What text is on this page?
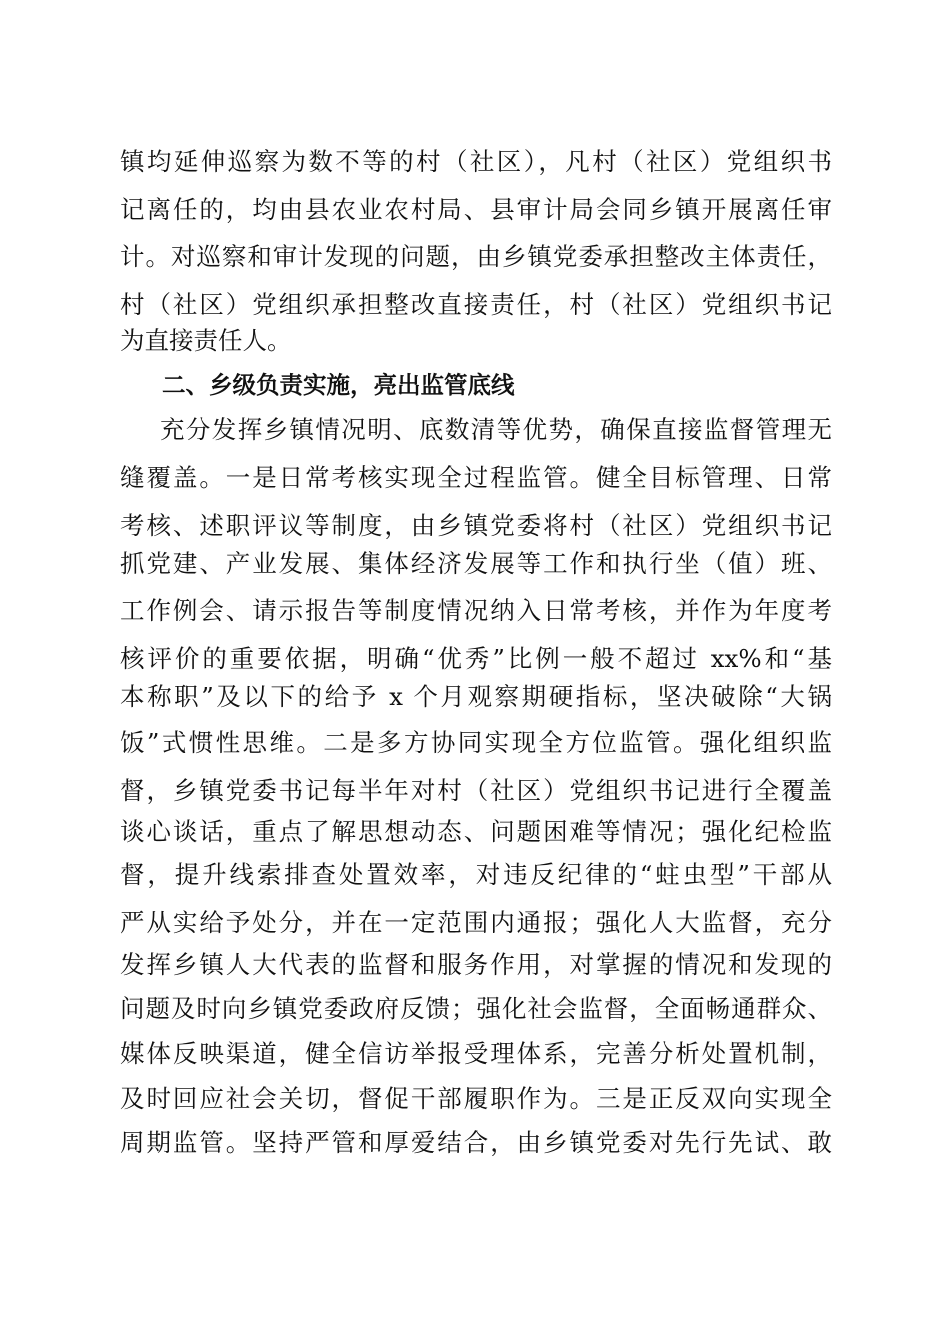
镇均延伸巡察为数不等的村（社区），凡村（社区）党组织书
记离任的，均由县农业农村局、县审计局会同乡镇开展离任审
计。对巡察和审计发现的问题，由乡镇党委承担整改主体责任，
村（社区）党组织承担整改直接责任，村（社区）党组织书记
为直接责任人。
二、乡级负责实施，亮出监管底线
充分发挥乡镇情况明、底数清等优势，确保直接监督管理无
缝覆盖。一是日常考核实现全过程监管。健全目标管理、日常
考核、述职评议等制度，由乡镇党委将村（社区）党组织书记
抓党建、产业发展、集体经济发展等工作和执行坐（值）班、
工作例会、请示报告等制度情况纳入日常考核，并作为年度考
核评价的重要依据，明确“优秀”比例一般不超过 xx%和“基
本称职”及以下的给予 x 个月观察期硬指标，坚决破除“大锅
饭”式惯性思维。二是多方协同实现全方位监管。强化组织监
督，乡镇党委书记每半年对村（社区）党组织书记进行全覆盖
谈心谈话，重点了解思想动态、问题困难等情况；强化纪检监
督，提升线索排查处置效率，对违反纪律的“蛀虫型”干部从
严从实给予处分，并在一定范围内通报；强化人大监督，充分
发挥乡镇人大代表的监督和服务作用，对掌握的情况和发现的
问题及时向乡镇党委政府反馈；强化社会监督，全面畅通群众、
媒体反映渠道，健全信访举报受理体系，完善分析处置机制，
及时回应社会关切，督促干部履职作为。三是正反双向实现全
周期监管。坚持严管和厚爱结合，由乡镇党委对先行先试、敢
